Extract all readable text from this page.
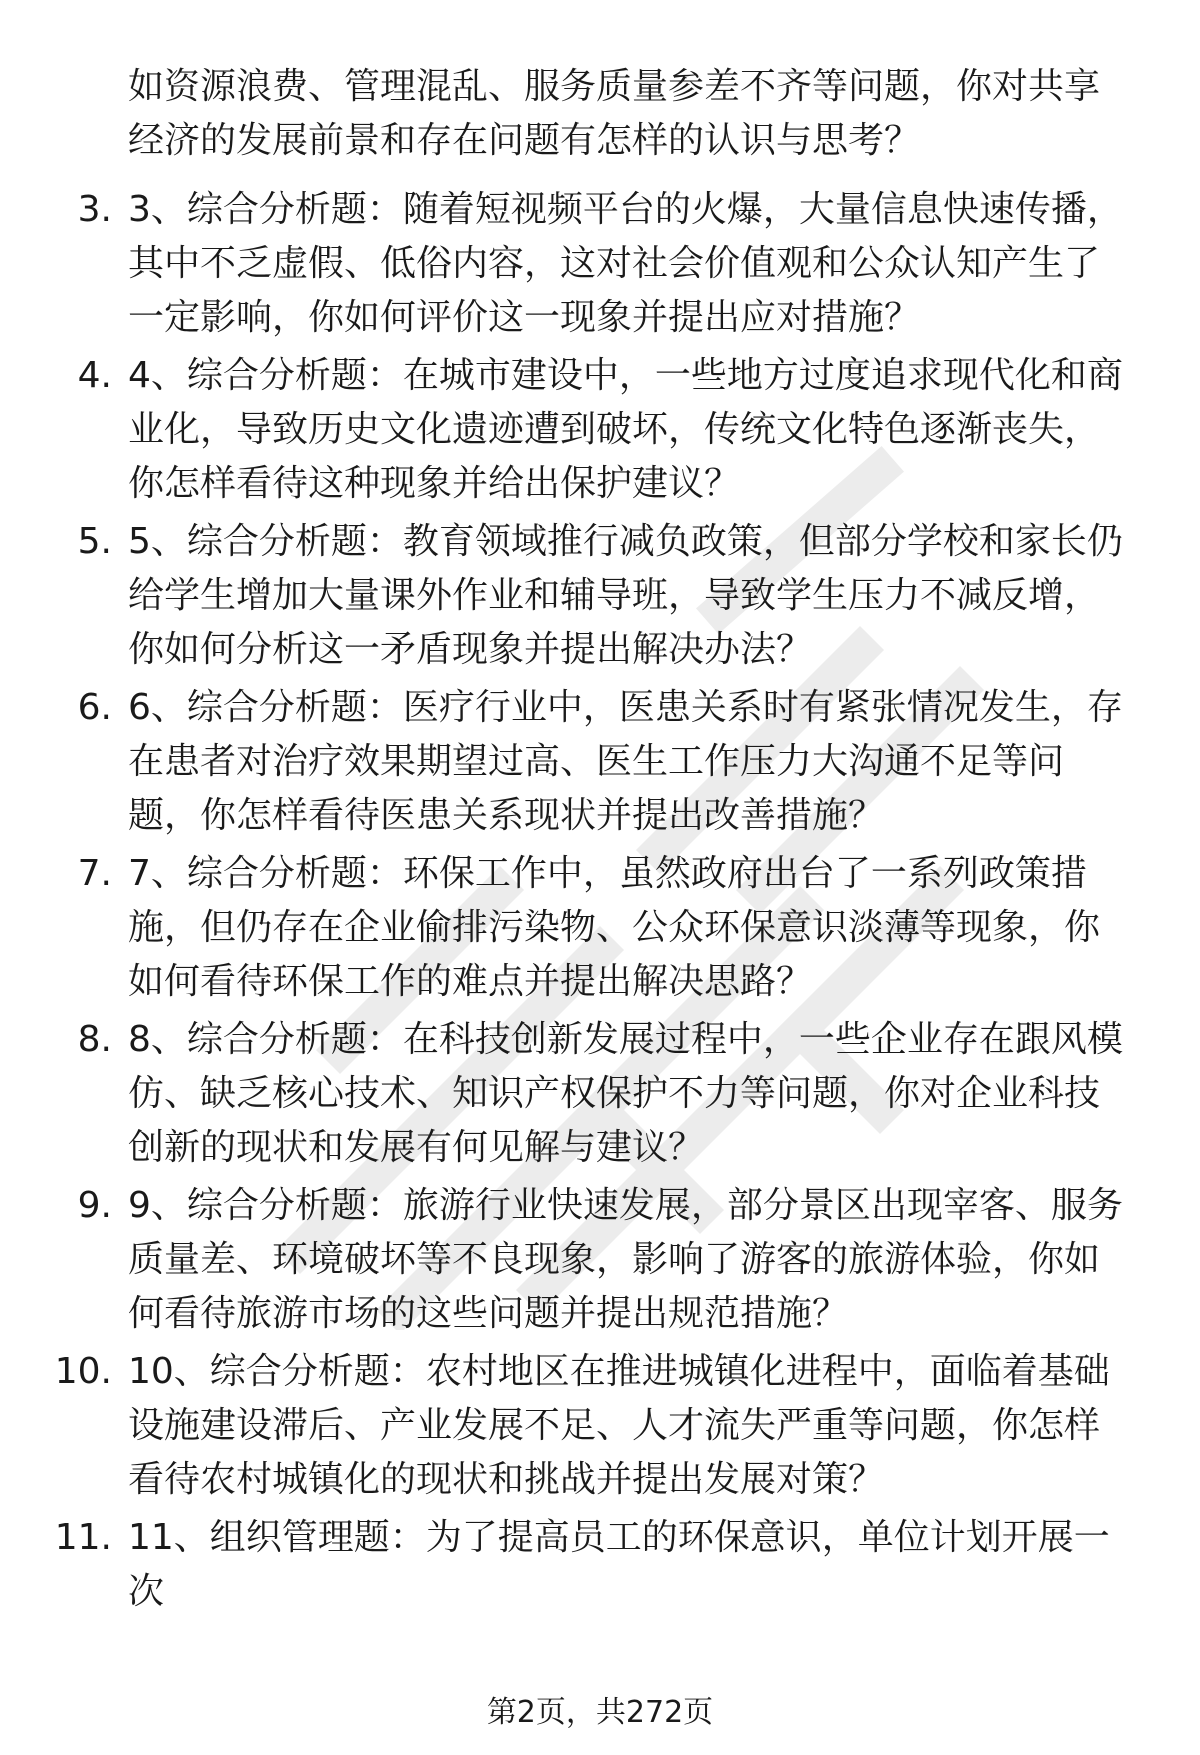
如资源浪费、管理混乱、服务质量参差不齐等问题，你对共享经济的发展前景和存在问题有怎样的认识与思考？
3. 3、综合分析题：随着短视频平台的火爆，大量信息快速传播，其中不乏虚假、低俗内容，这对社会价值观和公众认知产生了一定影响，你如何评价这一现象并提出应对措施？
4. 4、综合分析题：在城市建设中，一些地方过度追求现代化和商业化，导致历史文化遗迹遭到破坏，传统文化特色逐渐丧失，你怎样看待这种现象并给出保护建议？
5. 5、综合分析题：教育领域推行减负政策，但部分学校和家长仍给学生增加大量课外作业和辅导班，导致学生压力不减反增，你如何分析这一矛盾现象并提出解决办法？
6. 6、综合分析题：医疗行业中，医患关系时有紧张情况发生，存在患者对治疗效果期望过高、医生工作压力大沟通不足等问题，你怎样看待医患关系现状并提出改善措施？
7. 7、综合分析题：环保工作中，虽然政府出台了一系列政策措施，但仍存在企业偷排污染物、公众环保意识淡薄等现象，你如何看待环保工作的难点并提出解决思路？
8. 8、综合分析题：在科技创新发展过程中，一些企业存在跟风模仿、缺乏核心技术、知识产权保护不力等问题，你对企业科技创新的现状和发展有何见解与建议？
9. 9、综合分析题：旅游行业快速发展，部分景区出现宰客、服务质量差、环境破坏等不良现象，影响了游客的旅游体验，你如何看待旅游市场的这些问题并提出规范措施？
10. 10、综合分析题：农村地区在推进城镇化进程中，面临着基础设施建设滞后、产业发展不足、人才流失严重等问题，你怎样看待农村城镇化的现状和挑战并提出发展对策？
11. 11、组织管理题：为了提高员工的环保意识，单位计划开展一次
第2页，共272页
